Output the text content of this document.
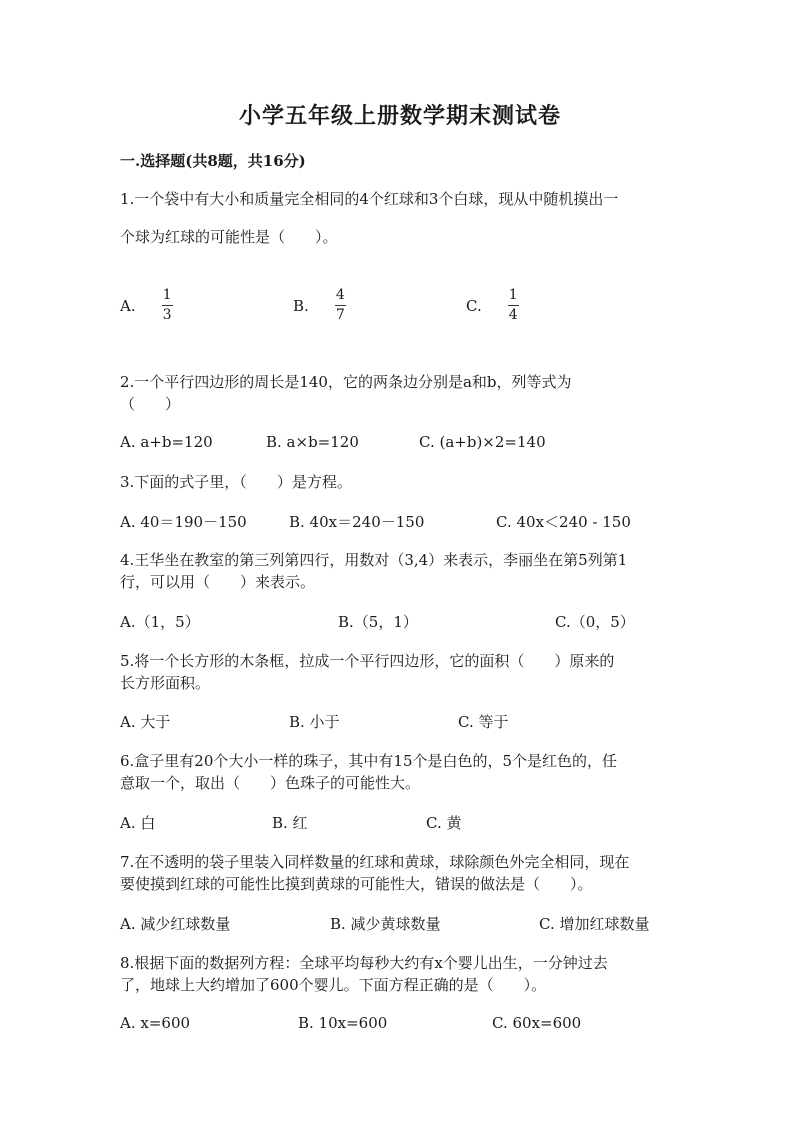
小学五年级上册数学期末测试卷
一.选择题(共8题，共16分)
1.一个袋中有大小和质量完全相同的4个红球和3个白球，现从中随机摸出一
个球为红球的可能性是（　　）。
A. $\frac{1}{3}$	B. $\frac{4}{7}$	C. $\frac{1}{4}$
2.一个平行四边形的周长是140，它的两条边分别是a和b，列等式为
（　　）
A. a+b=120	B. a×b=120	C. (a+b)×2=140
3.下面的式子里，（　　）是方程。
A. 40＝190－150	B. 40x＝240－150	C. 40x＜240 - 150
4.王华坐在教室的第三列第四行，用数对（3,4）来表示，李丽坐在第5列第1
行，可以用（　　）来表示。
A.（1，5）	B.（5，1）	C.（0，5）
5.将一个长方形的木条框，拉成一个平行四边形，它的面积（　　）原来的
长方形面积。
A. 大于	B. 小于	C. 等于
6.盒子里有20个大小一样的珠子，其中有15个是白色的，5个是红色的，任
意取一个，取出（　　）色珠子的可能性大。
A. 白	B. 红	C. 黄
7.在不透明的袋子里装入同样数量的红球和黄球，球除颜色外完全相同，现在
要使摸到红球的可能性比摸到黄球的可能性大，错误的做法是（　　）。
A. 减少红球数量	B. 减少黄球数量	C. 增加红球数量
8.根据下面的数据列方程：全球平均每秒大约有x个婴儿出生，一分钟过去
了，地球上大约增加了600个婴儿。下面方程正确的是（　　）。
A. x=600	B. 10x=600	C. 60x=600
